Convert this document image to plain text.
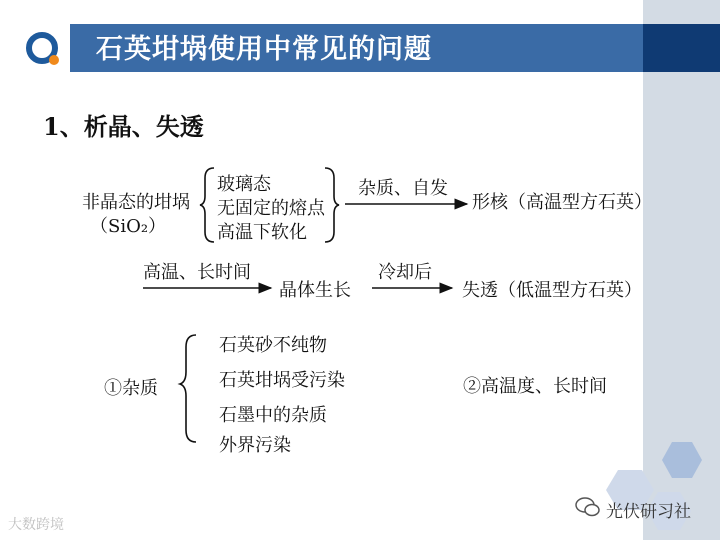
石英坩埚使用中常见的问题
1、析晶、失透
非晶态的坩埚
（SiO₂）
玻璃态
无固定的熔点
高温下软化
杂质、自发
形核（高温型方石英）
高温、长时间
晶体生长
冷却后
失透（低温型方石英）
①杂质
石英砂不纯物
石英坩埚受污染
石墨中的杂质
外界污染
②高温度、长时间
大数跨境
光伏研习社
